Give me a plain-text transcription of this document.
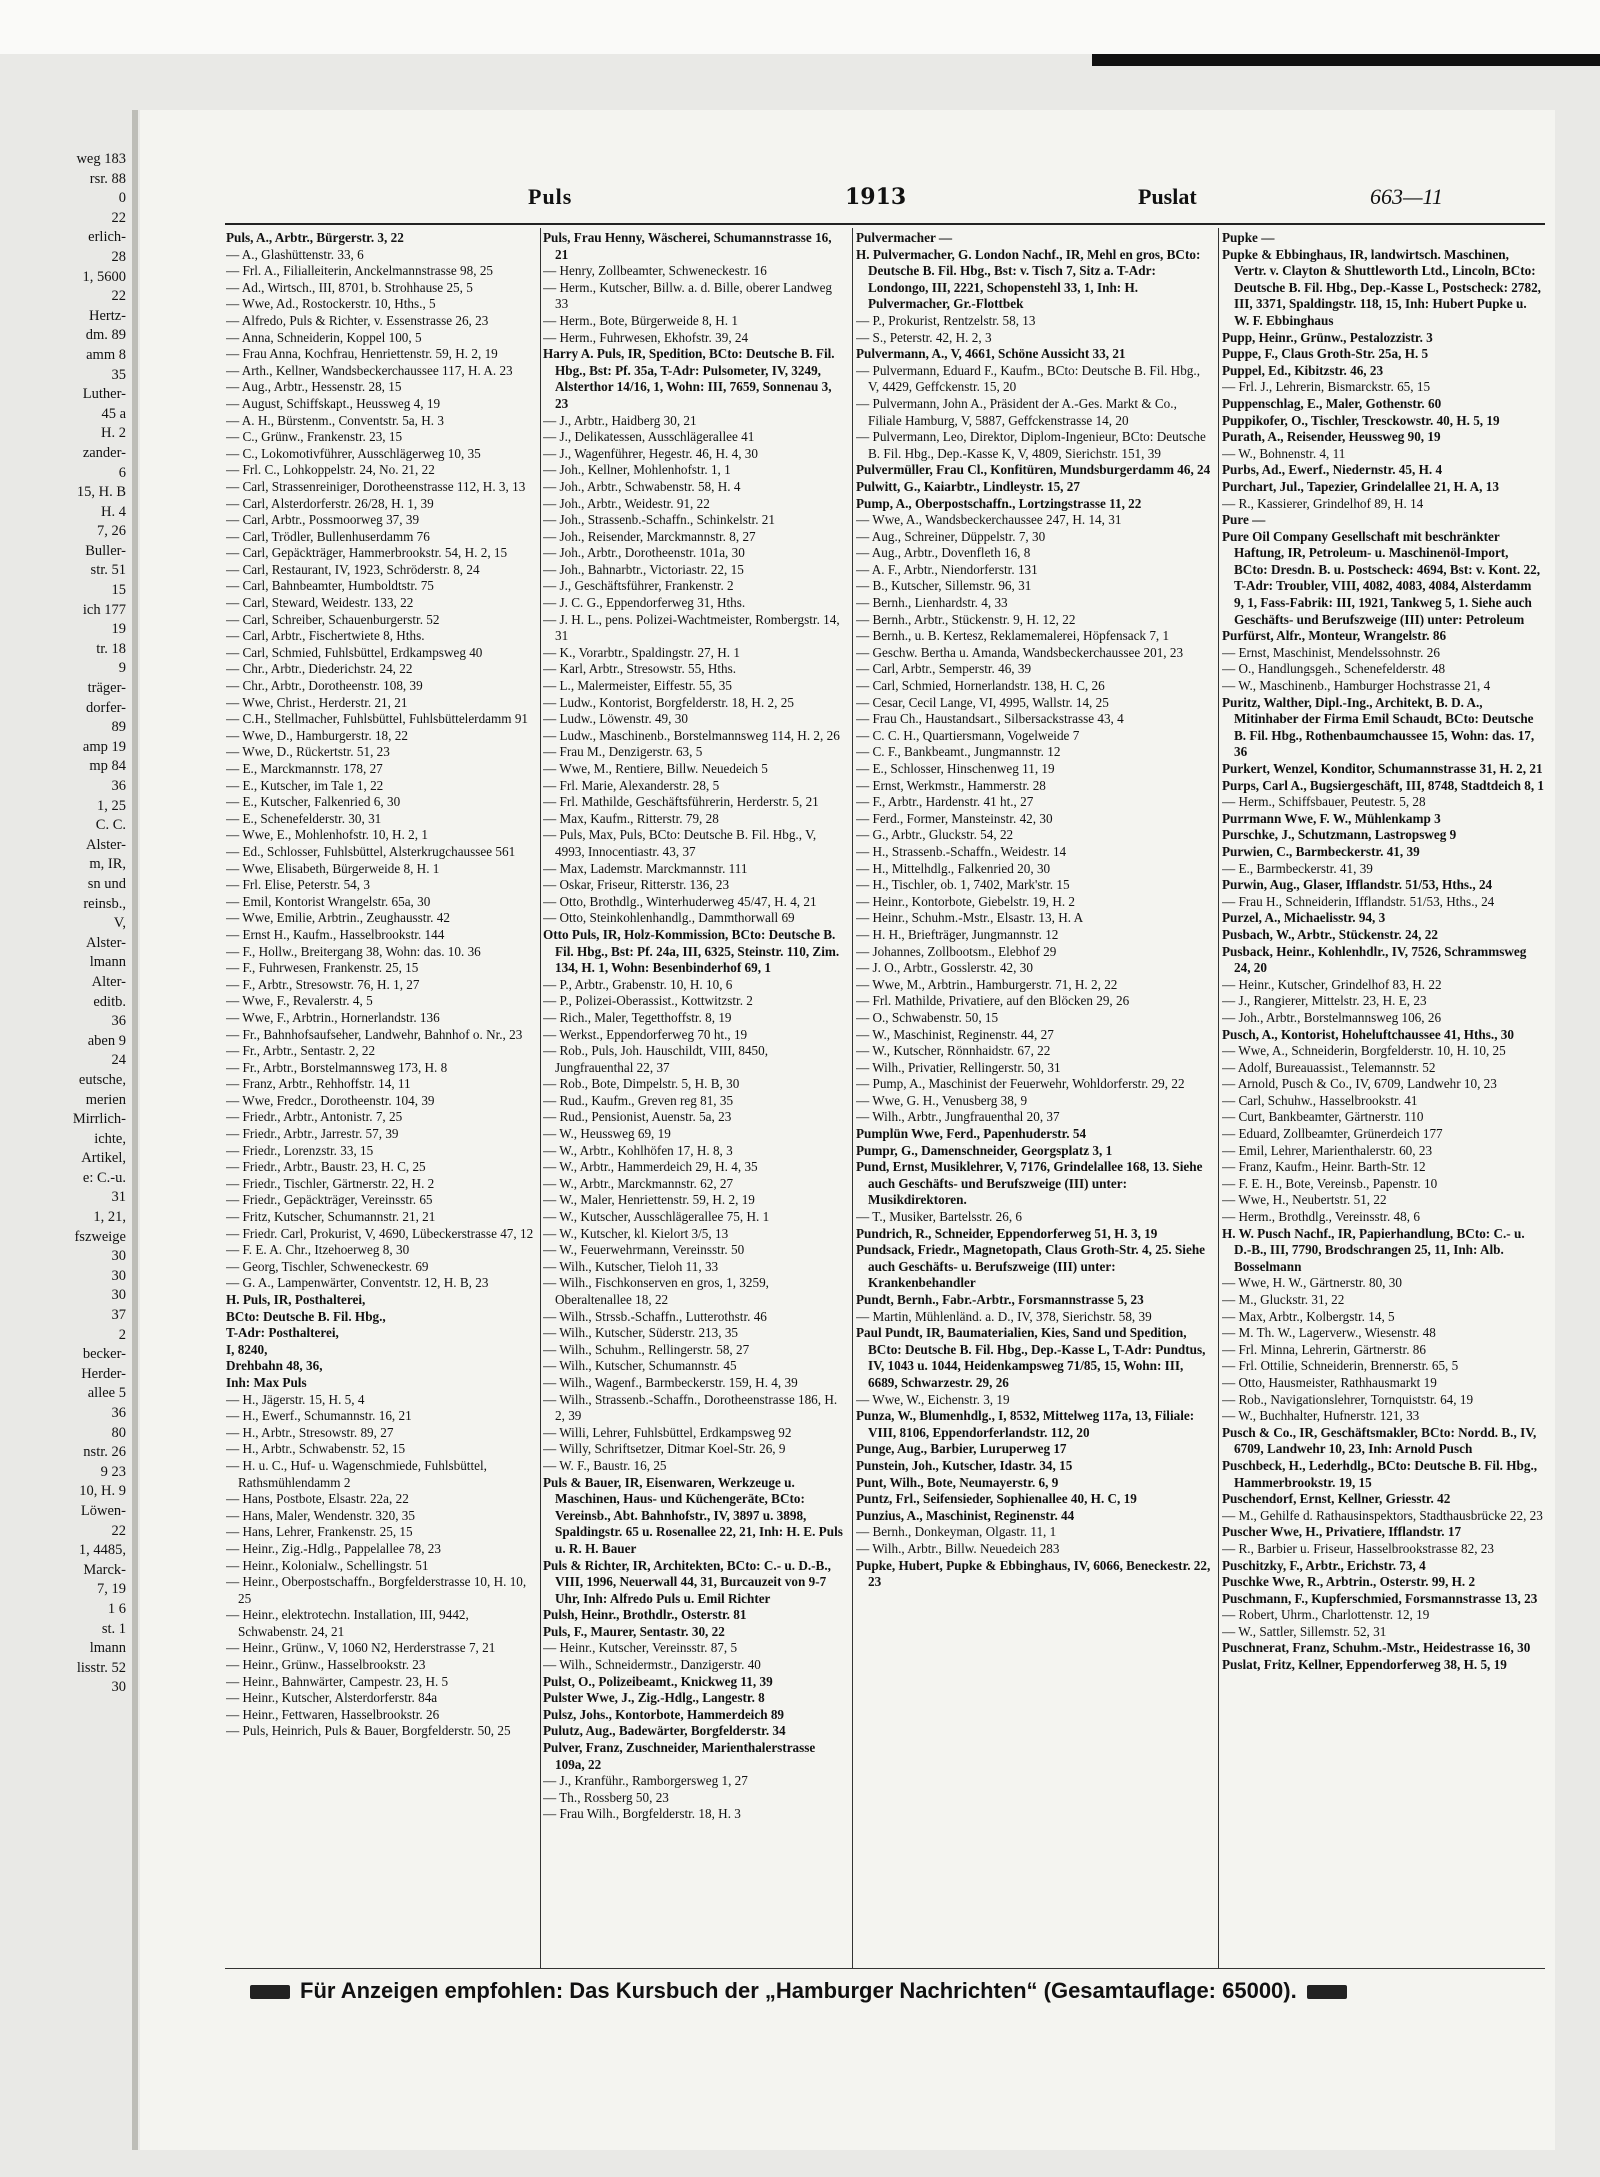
weg 183
rsr. 88
0
22
erlich-
28
1, 5600
22
Hertz-
dm. 89
amm 8
35
Luther-
45 a
H. 2
zander-
6
15, H. B
H. 4
7, 26
Buller-
str. 51
15
ich 177
19
tr. 18
9
träger-
dorfer-
89
amp 19
mp 84
36
1, 25
C. C.
Alster-
m, IR,
sn und
reinsb.,
V,
Alster-
lmann
Alter-
editb.
36
aben 9
24
eutsche,
merien
Mirrlich-
ichte,
Artikel,
e: C.-u.
31
1, 21,
fszweige
30
30
30
37
2
becker-
Herder-
allee 5
36
80
nstr. 26
9 23
10, H. 9
Löwen-
22
1, 4485,
Marck-
7, 19
1 6
st. 1
lmann
lisstr. 52
30
Puls	1913	Puslat	663—11
Puls, A., Arbtr., Bürgerstr. 3, 22
— A., Glashüttenstr. 33, 6
— Frl. A., Filialleiterin, Anckelmannstrasse 98, 25
— Ad., Wirtsch., III, 8701, b. Strohhause 25, 5
— Wwe, Ad., Rostockerstr. 10, Hths., 5
— Alfredo, Puls & Richter, v. Essenstrasse 26, 23
— Anna, Schneiderin, Koppel 100, 5
— Frau Anna, Kochfrau, Henriettenstr. 59, H. 2, 19
— Arth., Kellner, Wandsbeckerchaussee 117, H. A. 23
— Aug., Arbtr., Hessenstr. 28, 15
— August, Schiffskapt., Heussweg 4, 19
— A. H., Bürstenm., Conventstr. 5a, H. 3
— C., Grünw., Frankenstr. 23, 15
— C., Lokomotivführer, Ausschlägerweg 10, 35
— Frl. C., Lohkoppelstr. 24, No. 21, 22
— Carl, Strassenreiniger, Dorotheenstrasse 112, H. 3, 13
— Carl, Alsterdorferstr. 26/28, H. 1, 39
— Carl, Arbtr., Possmoorweg 37, 39
— Carl, Trödler, Bullenhuserdamm 76
— Carl, Gepäckträger, Hammerbrookstr. 54, H. 2, 15
— Carl, Restaurant, IV, 1923, Schröderstr. 8, 24
— Carl, Bahnbeamter, Humboldtstr. 75
— Carl, Steward, Weidestr. 133, 22
— Carl, Schreiber, Schauenburgerstr. 52
— Carl, Arbtr., Fischertwiete 8, Hths.
— Carl, Schmied, Fuhlsbüttel, Erdkampsweg 40
— Chr., Arbtr., Diederichstr. 24, 22
— Chr., Arbtr., Dorotheenstr. 108, 39
— Wwe, Christ., Herderstr. 21, 21
— C.H., Stellmacher, Fuhlsbüttel, Fuhlsbüttelerdamm 91
— Wwe, D., Hamburgerstr. 18, 22
— Wwe, D., Rückertstr. 51, 23
— E., Marckmannstr. 178, 27
— E., Kutscher, im Tale 1, 22
— E., Kutscher, Falkenried 6, 30
— E., Schenefelderstr. 30, 31
— Wwe, E., Mohlenhofstr. 10, H. 2, 1
— Ed., Schlosser, Fuhlsbüttel, Alsterkrugchaussee 561
— Wwe, Elisabeth, Bürgerweide 8, H. 1
— Frl. Elise, Peterstr. 54, 3
— Emil, Kontorist Wrangelstr. 65a, 30
— Wwe, Emilie, Arbtrin., Zeughausstr. 42
— Ernst H., Kaufm., Hasselbrookstr. 144
— F., Hollw., Breitergang 38, Wohn: das. 10. 36
— F., Fuhrwesen, Frankenstr. 25, 15
— F., Arbtr., Stresowstr. 76, H. 1, 27
— Wwe, F., Revalerstr. 4, 5
— Wwe, F., Arbtrin., Hornerlandstr. 136
— Fr., Bahnhofsaufseher, Landwehr, Bahnhof o. Nr., 23
— Fr., Arbtr., Sentastr. 2, 22
— Fr., Arbtr., Borstelmannsweg 173, H. 8
— Franz, Arbtr., Rehhoffstr. 14, 11
— Wwe, Fredcr., Dorotheenstr. 104, 39
— Friedr., Arbtr., Antonistr. 7, 25
— Friedr., Arbtr., Jarrestr. 57, 39
— Friedr., Lorenzstr. 33, 15
— Friedr., Arbtr., Baustr. 23, H. C, 25
— Friedr., Tischler, Gärtnerstr. 22, H. 2
— Friedr., Gepäckträger, Vereinsstr. 65
— Fritz, Kutscher, Schumannstr. 21, 21
— Friedr. Carl, Prokurist, V, 4690, Lübeckerstrasse 47, 12
— F. E. A. Chr., Itzehoerweg 8, 30
— Georg, Tischler, Schweneckestr. 69
— G. A., Lampenwärter, Conventstr. 12, H. B, 23
H. Puls, IR, Posthalterei,
BCto: Deutsche B. Fil. Hbg.,
T-Adr: Posthalterei,
I, 8240,
Drehbahn 48, 36,
Inh: Max Puls
— H., Jägerstr. 15, H. 5, 4
— H., Ewerf., Schumannstr. 16, 21
— H., Arbtr., Stresowstr. 89, 27
— H., Arbtr., Schwabenstr. 52, 15
— H. u. C., Huf- u. Wagenschmiede, Fuhlsbüttel, Rathsmühlendamm 2
— Hans, Postbote, Elsastr. 22a, 22
— Hans, Maler, Wendenstr. 320, 35
— Hans, Lehrer, Frankenstr. 25, 15
— Heinr., Zig.-Hdlg., Pappelallee 78, 23
— Heinr., Kolonialw., Schellingstr. 51
— Heinr., Oberpostschaffn., Borgfelderstrasse 10, H. 10, 25
— Heinr., elektrotechn. Installation, III, 9442, Schwabenstr. 24, 21
— Heinr., Grünw., V, 1060 N2, Herderstrasse 7, 21
— Heinr., Grünw., Hasselbrookstr. 23
— Heinr., Bahnwärter, Campestr. 23, H. 5
— Heinr., Kutscher, Alsterdorferstr. 84a
— Heinr., Fettwaren, Hasselbrookstr. 26
— Puls, Heinrich, Puls & Bauer, Borgfelderstr. 50, 25
Puls, Frau Henny, Wäscherei, Schumannstrasse 16, 21
— Henry, Zollbeamter, Schweneckestr. 16
— Herm., Kutscher, Billw. a. d. Bille, oberer Landweg 33
— Herm., Bote, Bürgerweide 8, H. 1
— Herm., Fuhrwesen, Ekhofstr. 39, 24
Harry A. Puls, IR, Spedition, BCto: Deutsche B. Fil. Hbg., Bst: Pf. 35a, T-Adr: Pulsometer, IV, 3249, Alsterthor 14/16, 1, Wohn: III, 7659, Sonnenau 3, 23
— J., Arbtr., Haidberg 30, 21
— J., Delikatessen, Ausschlägerallee 41
— J., Wagenführer, Hegestr. 46, H. 4, 30
— Joh., Kellner, Mohlenhofstr. 1, 1
— Joh., Arbtr., Schwabenstr. 58, H. 4
— Joh., Arbtr., Weidestr. 91, 22
— Joh., Strassenb.-Schaffn., Schinkelstr. 21
— Joh., Reisender, Marckmannstr. 8, 27
— Joh., Arbtr., Dorotheenstr. 101a, 30
— Joh., Bahnarbtr., Victoriastr. 22, 15
— J., Geschäftsführer, Frankenstr. 2
— J. C. G., Eppendorferweg 31, Hths.
— J. H. L., pens. Polizei-Wachtmeister, Rombergstr. 14, 31
— K., Vorarbtr., Spaldingstr. 27, H. 1
— Karl, Arbtr., Stresowstr. 55, Hths.
— L., Malermeister, Eiffestr. 55, 35
— Ludw., Kontorist, Borgfelderstr. 18, H. 2, 25
— Ludw., Löwenstr. 49, 30
— Ludw., Maschinenb., Borstelmannsweg 114, H. 2, 26
— Frau M., Denzigerstr. 63, 5
— Wwe, M., Rentiere, Billw. Neuedeich 5
— Frl. Marie, Alexanderstr. 28, 5
— Frl. Mathilde, Geschäftsführerin, Herderstr. 5, 21
— Max, Kaufm., Ritterstr. 79, 28
— Puls, Max, Puls, BCto: Deutsche B. Fil. Hbg., V, 4993, Innocentiastr. 43, 37
— Max, Lademstr. Marckmannstr. 111
— Oskar, Friseur, Ritterstr. 136, 23
— Otto, Brothdlg., Winterhuderweg 45/47, H. 4, 21
— Otto, Steinkohlenhandlg., Dammthorwall 69
Otto Puls, IR, Holz-Kommission, BCto: Deutsche B. Fil. Hbg., Bst: Pf. 24a, III, 6325, Steinstr. 110, Zim. 134, H. 1, Wohn: Besenbinderhof 69, 1
— P., Arbtr., Grabenstr. 10, H. 10, 6
— P., Polizei-Oberassist., Kottwitzstr. 2
— Rich., Maler, Tegetthoffstr. 8, 19
— Werkst., Eppendorferweg 70 ht., 19
— Rob., Puls, Joh. Hauschildt, VIII, 8450, Jungfrauenthal 22, 37
— Rob., Bote, Dimpelstr. 5, H. B, 30
— Rud., Kaufm., Greven reg 81, 35
— Rud., Pensionist, Auenstr. 5a, 23
— W., Heussweg 69, 19
— W., Arbtr., Kohlhöfen 17, H. 8, 3
— W., Arbtr., Hammerdeich 29, H. 4, 35
— W., Arbtr., Marckmannstr. 62, 27
— W., Maler, Henriettenstr. 59, H. 2, 19
— W., Kutscher, Ausschlägerallee 75, H. 1
— W., Kutscher, kl. Kielort 3/5, 13
— W., Feuerwehrmann, Vereinsstr. 50
— Wilh., Kutscher, Tieloh 11, 33
— Wilh., Fischkonserven en gros, 1, 3259, Oberaltenallee 18, 22
— Wilh., Strssb.-Schaffn., Lutterothstr. 46
— Wilh., Kutscher, Süderstr. 213, 35
— Wilh., Schuhm., Rellingerstr. 58, 27
— Wilh., Kutscher, Schumannstr. 45
— Wilh., Wagenf., Barmbeckerstr. 159, H. 4, 39
— Wilh., Strassenb.-Schaffn., Dorotheenstrasse 186, H. 2, 39
— Willi, Lehrer, Fuhlsbüttel, Erdkampsweg 92
— Willy, Schriftsetzer, Ditmar Koel-Str. 26, 9
— W. F., Baustr. 16, 25
Puls & Bauer, IR, Eisenwaren, Werkzeuge u. Maschinen, Haus- und Küchengeräte, BCto: Vereinsb., Abt. Bahnhofstr., IV, 3897 u. 3898, Spaldingstr. 65 u. Rosenallee 22, 21, Inh: H. E. Puls u. R. H. Bauer
Puls & Richter, IR, Architekten, BCto: C.- u. D.-B., VIII, 1996, Neuerwall 44, 31, Burcauzeit von 9-7 Uhr, Inh: Alfredo Puls u. Emil Richter
Pulsh, Heinr., Brothdlr., Osterstr. 81
Puls, F., Maurer, Sentastr. 30, 22
— Heinr., Kutscher, Vereinsstr. 87, 5
— Wilh., Schneidermstr., Danzigerstr. 40
Pulst, O., Polizeibeamt., Knickweg 11, 39
Pulster Wwe, J., Zig.-Hdlg., Langestr. 8
Pulsz, Johs., Kontorbote, Hammerdeich 89
Pulutz, Aug., Badewärter, Borgfelderstr. 34
Pulver, Franz, Zuschneider, Marienthalerstrasse 109a, 22
— J., Kranführ., Ramborgersweg 1, 27
— Th., Rossberg 50, 23
— Frau Wilh., Borgfelderstr. 18, H. 3
Pulvermacher —
H. Pulvermacher, G. London Nachf., IR, Mehl en gros, BCto: Deutsche B. Fil. Hbg., Bst: v. Tisch 7, Sitz a. T-Adr: Londongo, III, 2221, Schopenstehl 33, 1, Inh: H. Pulvermacher, Gr.-Flottbek
— P., Prokurist, Rentzelstr. 58, 13
— S., Peterstr. 42, H. 2, 3
Pulvermann, A., V, 4661, Schöne Aussicht 33, 21
— Pulvermann, Eduard F., Kaufm., BCto: Deutsche B. Fil. Hbg., V, 4429, Geffckenstr. 15, 20
— Pulvermann, John A., Präsident der A.-Ges. Markt & Co., Filiale Hamburg, V, 5887, Geffckenstrasse 14, 20
— Pulvermann, Leo, Direktor, Diplom-Ingenieur, BCto: Deutsche B. Fil. Hbg., Dep.-Kasse K, V, 4809, Sierichstr. 151, 39
Pulvermüller, Frau Cl., Konfitüren, Mundsburgerdamm 46, 24
Pulwitt, G., Kaiarbtr., Lindleystr. 15, 27
Pump, A., Oberpostschaffn., Lortzingstrasse 11, 22
— Wwe, A., Wandsbeckerchaussee 247, H. 14, 31
— Aug., Schreiner, Düppelstr. 7, 30
— Aug., Arbtr., Dovenfleth 16, 8
— A. F., Arbtr., Niendorferstr. 131
— B., Kutscher, Sillemstr. 96, 31
— Bernh., Lienhardstr. 4, 33
— Bernh., Arbtr., Stückenstr. 9, H. 12, 22
— Bernh., u. B. Kertesz, Reklamemalerei, Höpfensack 7, 1
— Geschw. Bertha u. Amanda, Wandsbeckerchaussee 201, 23
— Carl, Arbtr., Semperstr. 46, 39
— Carl, Schmied, Hornerlandstr. 138, H. C, 26
— Cesar, Cecil Lange, VI, 4995, Wallstr. 14, 25
— Frau Ch., Haustandsart., Silbersackstrasse 43, 4
— C. C. H., Quartiersmann, Vogelweide 7
— C. F., Bankbeamt., Jungmannstr. 12
— E., Schlosser, Hinschenweg 11, 19
— Ernst, Werkmstr., Hammerstr. 28
— F., Arbtr., Hardenstr. 41 ht., 27
— Ferd., Former, Mansteinstr. 42, 30
— G., Arbtr., Gluckstr. 54, 22
— H., Strassenb.-Schaffn., Weidestr. 14
— H., Mittelhdlg., Falkenried 20, 30
— H., Tischler, ob. 1, 7402, Mark'str. 15
— Heinr., Kontorbote, Giebelstr. 19, H. 2
— Heinr., Schuhm.-Mstr., Elsastr. 13, H. A
— H. H., Briefträger, Jungmannstr. 12
— Johannes, Zollbootsm., Elebhof 29
— J. O., Arbtr., Gosslerstr. 42, 30
— Wwe, M., Arbtrin., Hamburgerstr. 71, H. 2, 22
— Frl. Mathilde, Privatiere, auf den Blöcken 29, 26
— O., Schwabenstr. 50, 15
— W., Maschinist, Reginenstr. 44, 27
— W., Kutscher, Rönnhaidstr. 67, 22
— Wilh., Privatier, Rellingerstr. 50, 31
— Pump, A., Maschinist der Feuerwehr, Wohldorferstr. 29, 22
— Wwe, G. H., Venusberg 38, 9
— Wilh., Arbtr., Jungfrauenthal 20, 37
Pumplün Wwe, Ferd., Papenhuderstr. 54
Pumpr, G., Damenschneider, Georgsplatz 3, 1
Pund, Ernst, Musiklehrer, V, 7176, Grindelallee 168, 13. Siehe auch Geschäfts- und Berufszweige (III) unter: Musikdirektoren.
— T., Musiker, Bartelsstr. 26, 6
Pundrich, R., Schneider, Eppendorferweg 51, H. 3, 19
Pundsack, Friedr., Magnetopath, Claus Groth-Str. 4, 25. Siehe auch Geschäfts- u. Berufszweige (III) unter: Krankenbehandler
Pundt, Bernh., Fabr.-Arbtr., Forsmannstrasse 5, 23
— Martin, Mühlenländ. a. D., IV, 378, Sierichstr. 58, 39
Paul Pundt, IR, Baumaterialien, Kies, Sand und Spedition, BCto: Deutsche B. Fil. Hbg., Dep.-Kasse L, T-Adr: Pundtus, IV, 1043 u. 1044, Heidenkampsweg 71/85, 15, Wohn: III, 6689, Schwarzestr. 29, 26
— Wwe, W., Eichenstr. 3, 19
Punza, W., Blumenhdlg., I, 8532, Mittelweg 117a, 13, Filiale: VIII, 8106, Eppendorferlandstr. 112, 20
Punge, Aug., Barbier, Luruperweg 17
Punstein, Joh., Kutscher, Idastr. 34, 15
Punt, Wilh., Bote, Neumayerstr. 6, 9
Puntz, Frl., Seifensieder, Sophienallee 40, H. C, 19
Punzius, A., Maschinist, Reginenstr. 44
— Bernh., Donkeyman, Olgastr. 11, 1
— Wilh., Arbtr., Billw. Neuedeich 283
Pupke, Hubert, Pupke & Ebbinghaus, IV, 6066, Beneckestr. 22, 23
Pupke —
Pupke & Ebbinghaus, IR, landwirtsch. Maschinen, Vertr. v. Clayton & Shuttleworth Ltd., Lincoln, BCto: Deutsche B. Fil. Hbg., Dep.-Kasse L, Postscheck: 2782, III, 3371, Spaldingstr. 118, 15, Inh: Hubert Pupke u. W. F. Ebbinghaus
Pupp, Heinr., Grünw., Pestalozzistr. 3
Puppe, F., Claus Groth-Str. 25a, H. 5
Puppel, Ed., Kibitzstr. 46, 23
— Frl. J., Lehrerin, Bismarckstr. 65, 15
Puppenschlag, E., Maler, Gothenstr. 60
Puppikofer, O., Tischler, Tresckowstr. 40, H. 5, 19
Purath, A., Reisender, Heussweg 90, 19
— W., Bohnenstr. 4, 11
Purbs, Ad., Ewerf., Niedernstr. 45, H. 4
Purchart, Jul., Tapezier, Grindelallee 21, H. A, 13
— R., Kassierer, Grindelhof 89, H. 14
Pure —
Pure Oil Company Gesellschaft mit beschränkter Haftung, IR, Petroleum- u. Maschinenöl-Import, BCto: Dresdn. B. u. Postscheck: 4694, Bst: v. Kont. 22, T-Adr: Troubler, VIII, 4082, 4083, 4084, Alsterdamm 9, 1, Fass-Fabrik: III, 1921, Tankweg 5, 1. Siehe auch Geschäfts- und Berufszweige (III) unter: Petroleum
Purfürst, Alfr., Monteur, Wrangelstr. 86
— Ernst, Maschinist, Mendelssohnstr. 26
— O., Handlungsgeh., Schenefelderstr. 48
— W., Maschinenb., Hamburger Hochstrasse 21, 4
Puritz, Walther, Dipl.-Ing., Architekt, B. D. A., Mitinhaber der Firma Emil Schaudt, BCto: Deutsche B. Fil. Hbg., Rothenbaumchaussee 15, Wohn: das. 17, 36
Purkert, Wenzel, Konditor, Schumannstrasse 31, H. 2, 21
Purps, Carl A., Bugsiergeschäft, III, 8748, Stadtdeich 8, 1
— Herm., Schiffsbauer, Peutestr. 5, 28
Purrmann Wwe, F. W., Mühlenkamp 3
Purschke, J., Schutzmann, Lastropsweg 9
Purwien, C., Barmbeckerstr. 41, 39
— E., Barmbeckerstr. 41, 39
Purwin, Aug., Glaser, Ifflandstr. 51/53, Hths., 24
— Frau H., Schneiderin, Ifflandstr. 51/53, Hths., 24
Purzel, A., Michaelisstr. 94, 3
Pusbach, W., Arbtr., Stückenstr. 24, 22
Pusback, Heinr., Kohlenhdlr., IV, 7526, Schrammsweg 24, 20
— Heinr., Kutscher, Grindelhof 83, H. 22
— J., Rangierer, Mittelstr. 23, H. E, 23
— Joh., Arbtr., Borstelmannsweg 106, 26
Pusch, A., Kontorist, Hoheluftchaussee 41, Hths., 30
— Wwe, A., Schneiderin, Borgfelderstr. 10, H. 10, 25
— Adolf, Bureauassist., Telemannstr. 52
— Arnold, Pusch & Co., IV, 6709, Landwehr 10, 23
— Carl, Schuhw., Hasselbrookstr. 41
— Curt, Bankbeamter, Gärtnerstr. 110
— Eduard, Zollbeamter, Grünerdeich 177
— Emil, Lehrer, Marienthalerstr. 60, 23
— Franz, Kaufm., Heinr. Barth-Str. 12
— F. E. H., Bote, Vereinsb., Papenstr. 10
— Wwe, H., Neubertstr. 51, 22
— Herm., Brothdlg., Vereinsstr. 48, 6
H. W. Pusch Nachf., IR, Papierhandlung, BCto: C.- u. D.-B., III, 7790, Brodschrangen 25, 11, Inh: Alb. Bosselmann
— Wwe, H. W., Gärtnerstr. 80, 30
— M., Gluckstr. 31, 22
— Max, Arbtr., Kolbergstr. 14, 5
— M. Th. W., Lagerverw., Wiesenstr. 48
— Frl. Minna, Lehrerin, Gärtnerstr. 86
— Frl. Ottilie, Schneiderin, Brennerstr. 65, 5
— Otto, Hausmeister, Rathhausmarkt 19
— Rob., Navigationslehrer, Tornquiststr. 64, 19
— W., Buchhalter, Hufnerstr. 121, 33
Pusch & Co., IR, Geschäftsmakler, BCto: Nordd. B., IV, 6709, Landwehr 10, 23, Inh: Arnold Pusch
Puschbeck, H., Lederhdlg., BCto: Deutsche B. Fil. Hbg., Hammerbrookstr. 19, 15
Puschendorf, Ernst, Kellner, Griesstr. 42
— M., Gehilfe d. Rathausinspektors, Stadthausbrücke 22, 23
Puscher Wwe, H., Privatiere, Ifflandstr. 17
— R., Barbier u. Friseur, Hasselbrookstrasse 82, 23
Puschitzky, F., Arbtr., Erichstr. 73, 4
Puschke Wwe, R., Arbtrin., Osterstr. 99, H. 2
Puschmann, F., Kupferschmied, Forsmannstrasse 13, 23
— Robert, Uhrm., Charlottenstr. 12, 19
— W., Sattler, Sillemstr. 52, 31
Puschnerat, Franz, Schuhm.-Mstr., Heidestrasse 16, 30
Puslat, Fritz, Kellner, Eppendorferweg 38, H. 5, 19
Für Anzeigen empfohlen: Das Kursbuch der „Hamburger Nachrichten“ (Gesamtauflage: 65000).
